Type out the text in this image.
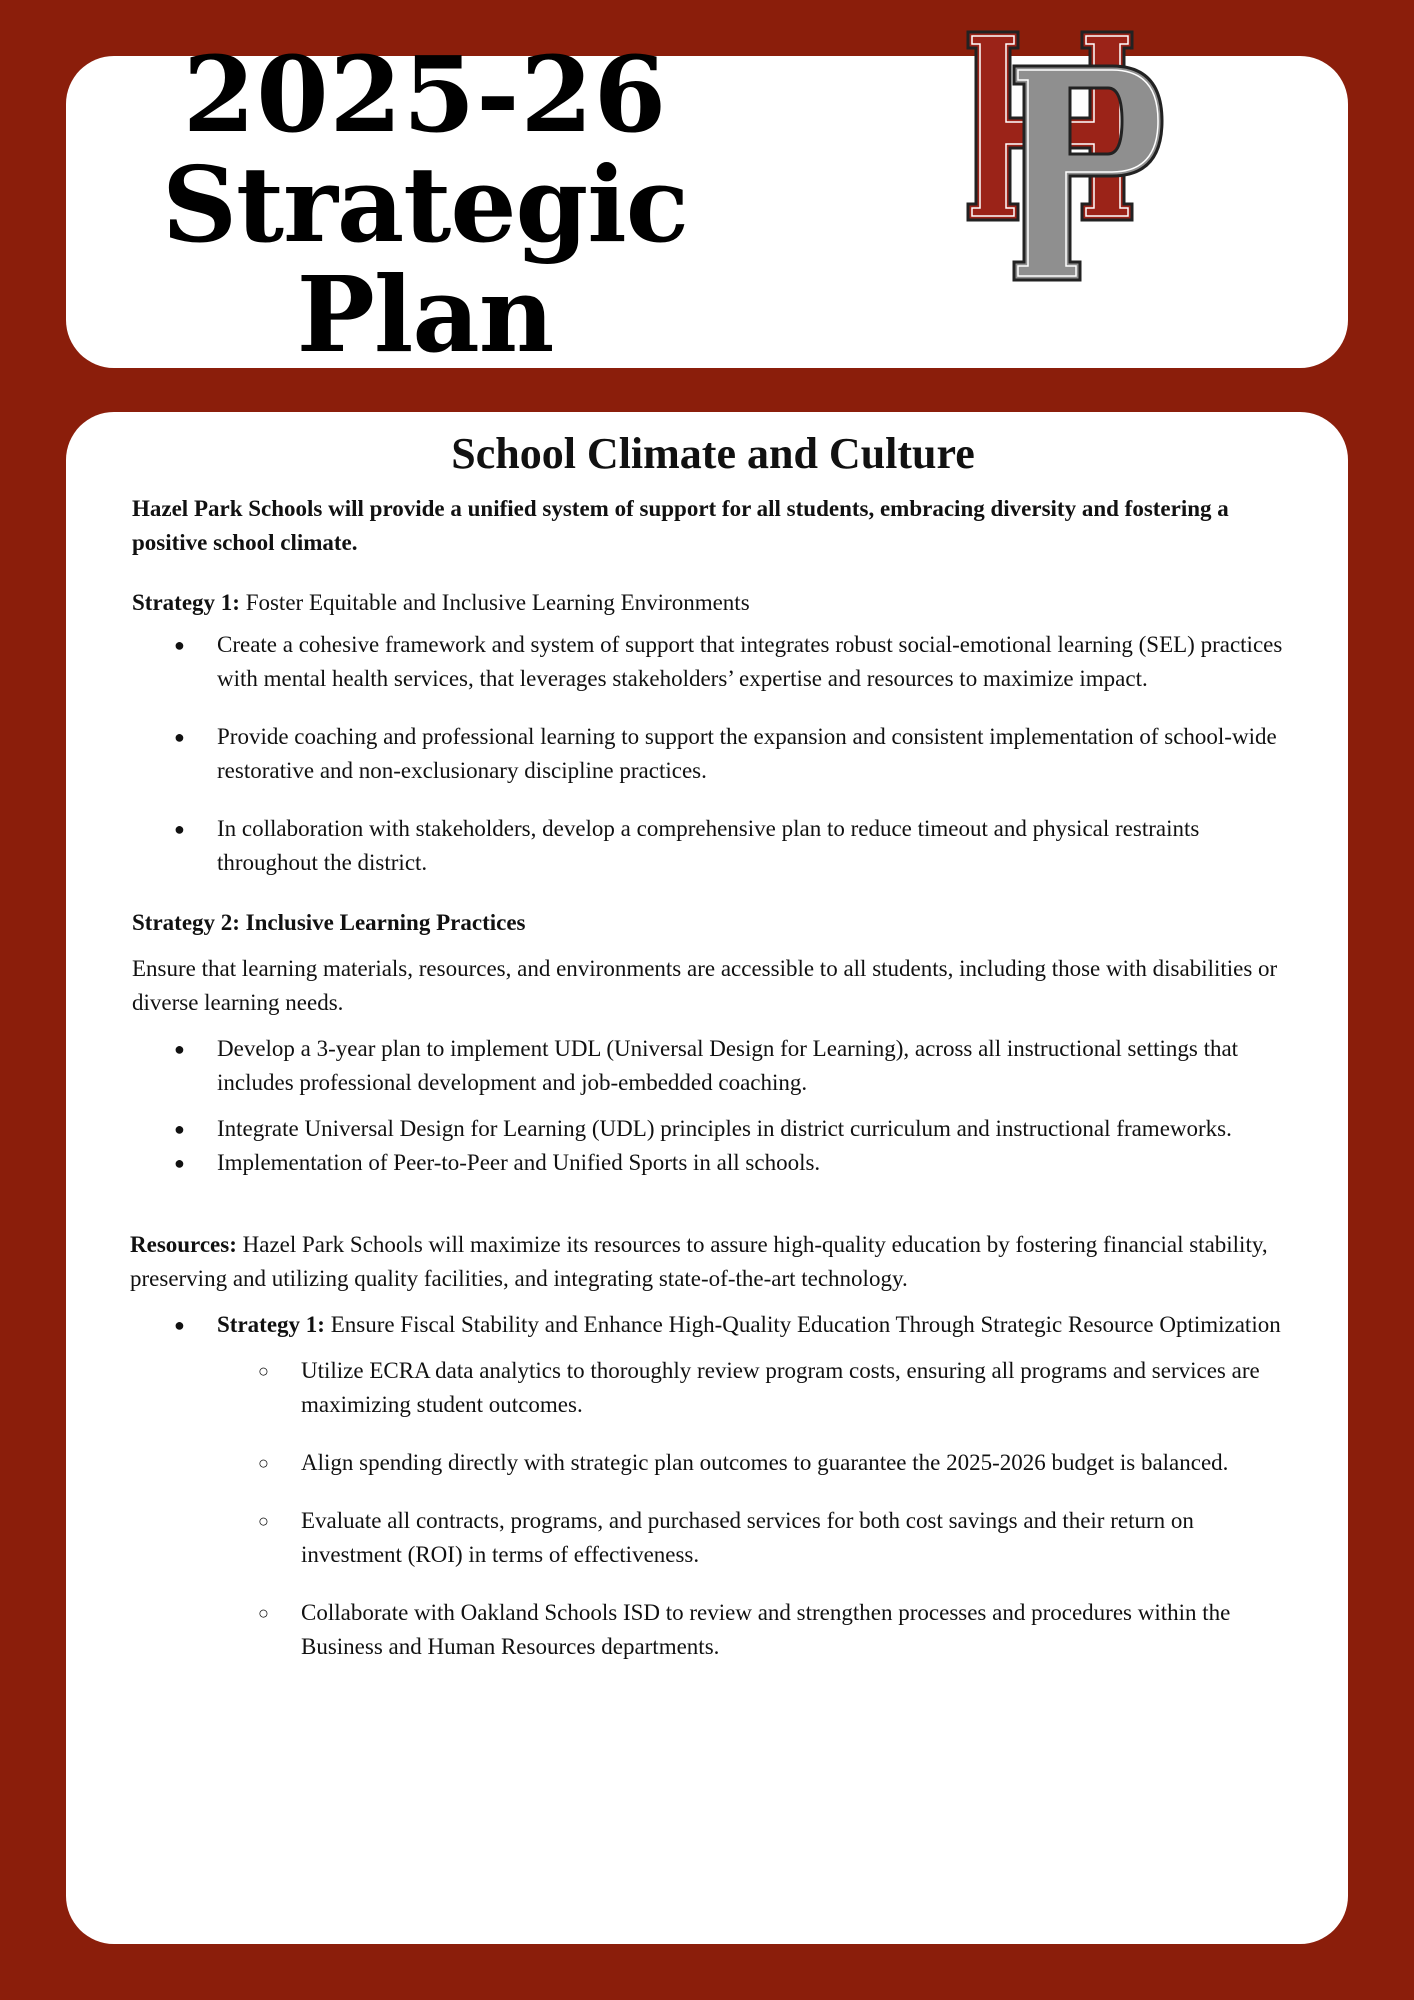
2025-26
Strategic Plan
School Climate and Culture

Hazel Park Schools will provide a unified system of support for all students, embracing diversity and fostering a positive school climate.

Strategy 1: Foster Equitable and Inclusive Learning Environments

● Create a cohesive framework and system of support that integrates robust social-emotional learning (SEL) practices with mental health services, that leverages stakeholders’ expertise and resources to maximize impact.
● Provide coaching and professional learning to support the expansion and consistent implementation of school-wide restorative and non-exclusionary discipline practices.
● In collaboration with stakeholders, develop a comprehensive plan to reduce timeout and physical restraints throughout the district.

Strategy 2: Inclusive Learning Practices

Ensure that learning materials, resources, and environments are accessible to all students, including those with disabilities or diverse learning needs.

● Develop a 3-year plan to implement UDL (Universal Design for Learning), across all instructional settings that includes professional development and job-embedded coaching.
● Integrate Universal Design for Learning (UDL) principles in district curriculum and instructional frameworks.
● Implementation of Peer-to-Peer and Unified Sports in all schools.

Resources: Hazel Park Schools will maximize its resources to assure high-quality education by fostering financial stability, preserving and utilizing quality facilities, and integrating state-of-the-art technology.

● Strategy 1: Ensure Fiscal Stability and Enhance High-Quality Education Through Strategic Resource Optimization
○ Utilize ECRA data analytics to thoroughly review program costs, ensuring all programs and services are maximizing student outcomes.
○ Align spending directly with strategic plan outcomes to guarantee the 2025-2026 budget is balanced.
○ Evaluate all contracts, programs, and purchased services for both cost savings and their return on investment (ROI) in terms of effectiveness.
○ Collaborate with Oakland Schools ISD to review and strengthen processes and procedures within the Business and Human Resources departments.
